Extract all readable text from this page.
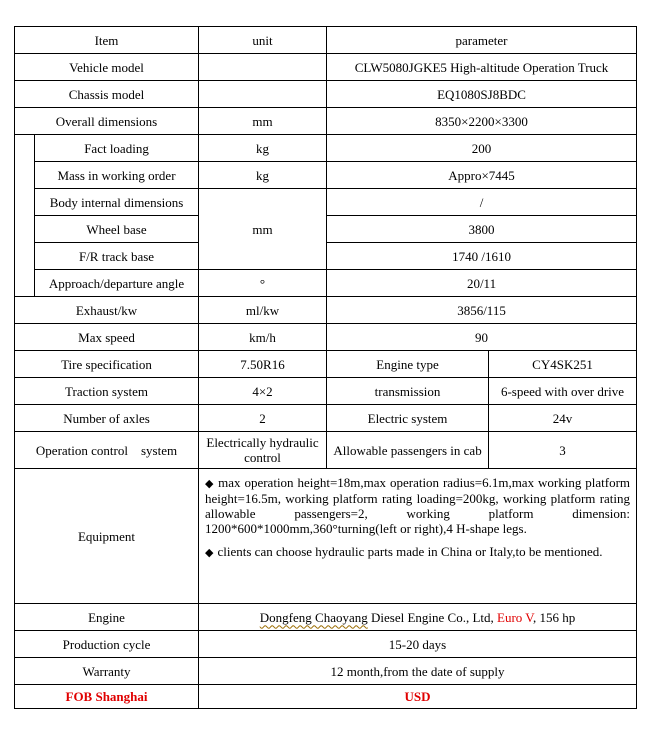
Item		unit	parameter	
Vehicle model			CLW5080JGKE5 High-altitude Operation Truck	
Chassis model			EQ1080SJ8BDC	
Overall dimensions		mm	8350×2200×3300	
	Fact loading	kg	200	
	Mass in working order	kg	Appro×7445	
	Body internal dimensions	mm	/	
	Wheel base		3800	
	F/R track base		1740 /1610	
	Approach/departure angle	°	20/11	
Exhaust/kw		ml/kw	3856/115	
Max speed		km/h	90	
Tire specification		7.50R16	Engine type	CY4SK251
Traction system		4×2	transmission	6-speed with over drive
Number of axles		2	Electric system	24v
Operation control    system		Electrically hydraulic control	Allowable passengers in cab	3
Equipment		◆ max operation height=18m,max operation radius=6.1m,max working platform height=16.5m, working platform rating loading=200kg, working platform rating allowable passengers=2, working platform dimension: 1200*600*1000mm,360°turning(left or right),4 H-shape legs.

◆ clients can choose hydraulic parts made in China or Italy,to be mentioned.		

Engine		Dongfeng Chaoyang Diesel Engine Co., Ltd, Euro V, 156 hp		
Production cycle		15-20 days		
Warranty		12 month,from the date of supply		
FOB Shanghai		USD		
